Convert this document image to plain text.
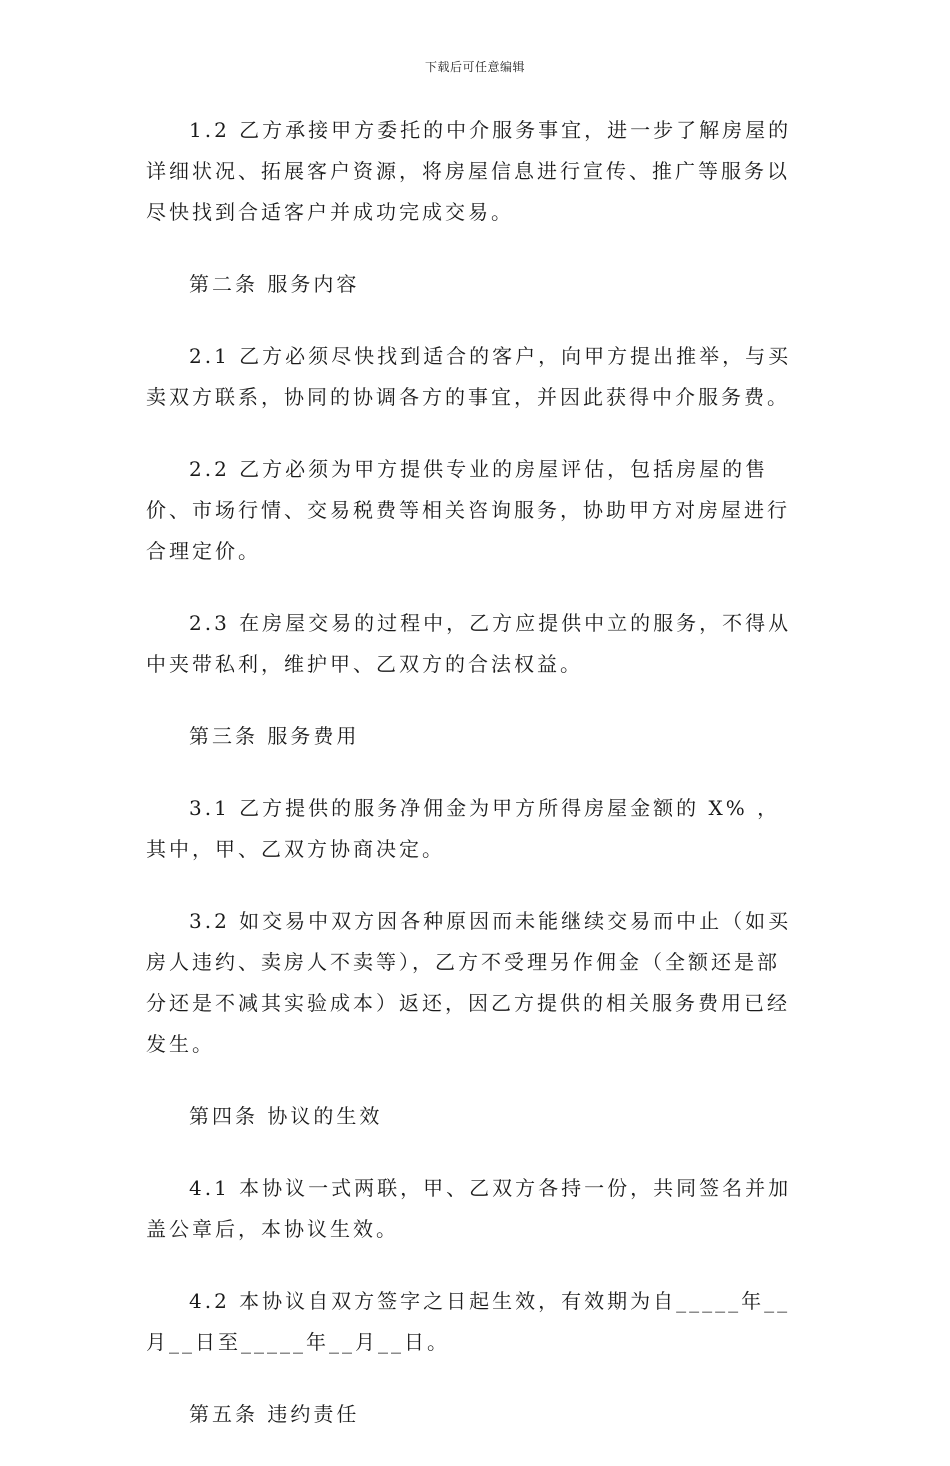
下载后可任意编辑

1.2 乙方承接甲方委托的中介服务事宜，进一步了解房屋的详细状况、拓展客户资源，将房屋信息进行宣传、推广等服务以尽快找到合适客户并成功完成交易。

第二条 服务内容

2.1 乙方必须尽快找到适合的客户，向甲方提出推举，与买卖双方联系，协同的协调各方的事宜，并因此获得中介服务费。

2.2 乙方必须为甲方提供专业的房屋评估，包括房屋的售价、市场行情、交易税费等相关咨询服务，协助甲方对房屋进行合理定价。

2.3 在房屋交易的过程中，乙方应提供中立的服务，不得从中夹带私利，维护甲、乙双方的合法权益。

第三条 服务费用

3.1 乙方提供的服务净佣金为甲方所得房屋金额的 X% ，其中，甲、乙双方协商决定。

3.2 如交易中双方因各种原因而未能继续交易而中止（如买房人违约、卖房人不卖等），乙方不受理另作佣金（全额还是部分还是不减其实验成本）返还，因乙方提供的相关服务费用已经发生。

第四条 协议的生效

4.1 本协议一式两联，甲、乙双方各持一份，共同签名并加盖公章后，本协议生效。

4.2 本协议自双方签字之日起生效，有效期为自_____年__月__日至_____年__月__日。

第五条 违约责任
